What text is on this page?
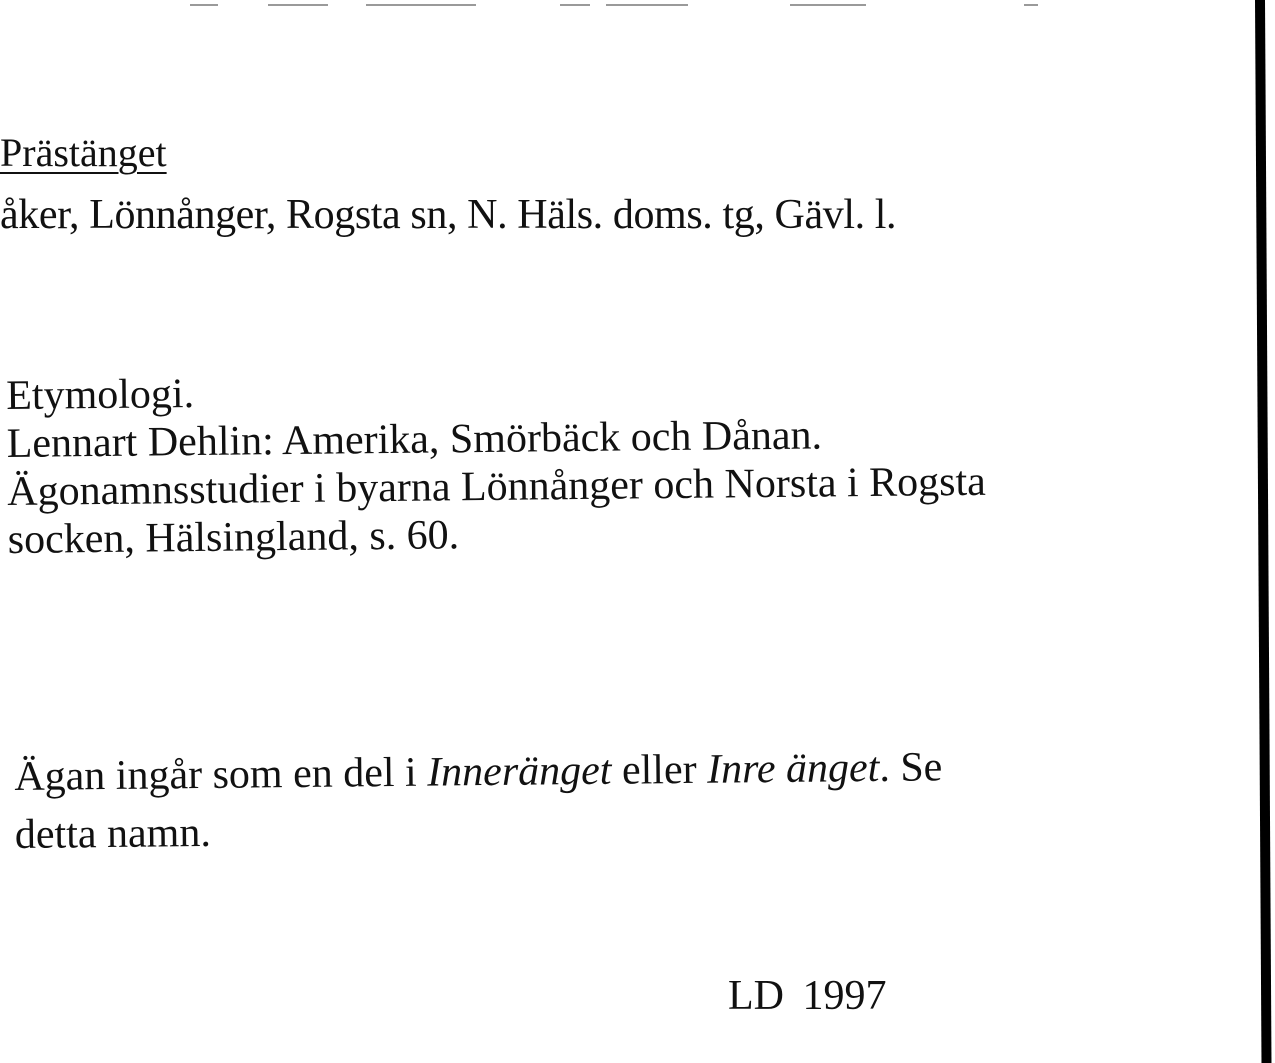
Prästänget
åker, Lönnånger, Rogsta sn, N. Häls. doms. tg, Gävl. l.
Etymologi.
Lennart Dehlin: Amerika, Smörbäck och Dånan.
Ägonamnsstudier i byarna Lönnånger och Norsta i Rogsta
socken, Hälsingland, s. 60.
Ägan ingår som en del i Inneränget eller Inre änget. Se
detta namn.
LD 1997
